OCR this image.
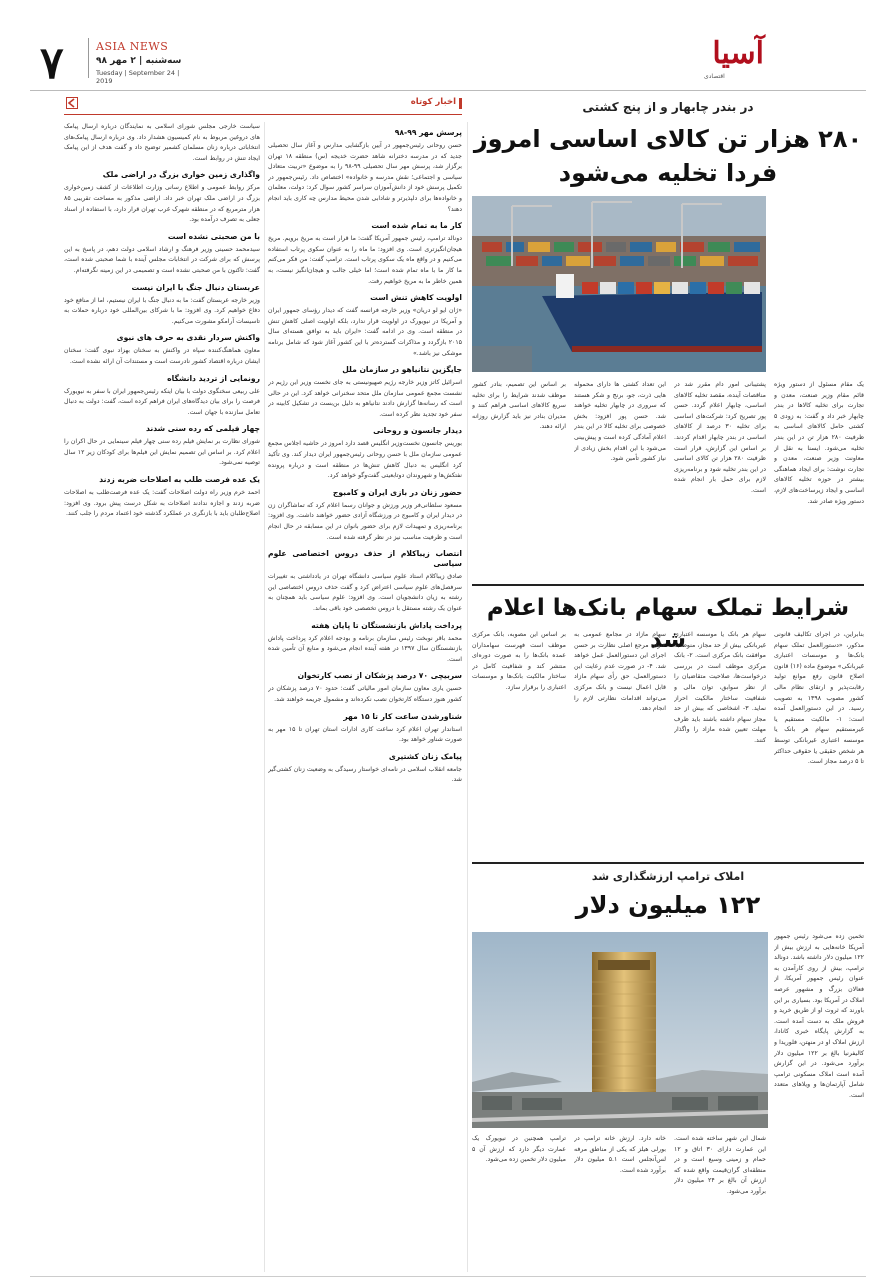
۷	ASIA NEWS
سه‌شنبه | ۲ مهر ۹۸
Tuesday | September 24 | 2019
آسیا
اقتصادی
اخبار کوتاه
پرسش مهر ۹۹-۹۸

حسن روحانی رئیس‌جمهور در آیین بازگشایی مدارس و آغاز سال تحصیلی جدید که در مدرسه دخترانه شاهد حضرت خدیجه (س) منطقه ۱۸ تهران برگزار شد، پرسش مهر سال تحصیلی ۹۹-۹۸ را به موضوع «تربیت متعادل سیاسی و اجتماعی؛ نقش مدرسه و خانواده» اختصاص داد. رئیس‌جمهور در تکمیل پرسش خود از دانش‌آموزان سراسر کشور سوال کرد: دولت، معلمان و خانواده‌ها برای دلپذیرتر و شادابی شدن محیط مدارس چه کاری باید انجام دهند؟

کار ما به تمام شده است

دونالد ترامپ، رئیس جمهور آمریکا گفت: ما قرار است به مریخ برویم. مریخ هیجان‌انگیزتری است. وی افزود: ما ماه را به عنوان سکوی پرتاب استفاده می‌کنیم و در واقع ماه یک سکوی پرتاب است. ترامپ گفت: من فکر می‌کنم ما کار ما با ماه تمام شده است؛ اما خیلی جالب و هیجان‌انگیز نیست، به همین خاطر ما به مریخ خواهیم رفت.

اولویت کاهش تنش است

«ژان ایو لو دریان» وزیر خارجه فرانسه گفت که دیدار رؤسای جمهور ایران و آمریکا در نیویورک در اولویت قرار ندارد، بلکه اولویت اصلی کاهش تنش در منطقه است. وی در ادامه گفت: «ایران باید به توافق هسته‌ای سال ۲۰۱۵ بازگردد و مذاکرات گسترده‌تر با این کشور آغاز شود که شامل برنامه موشکی نیز باشد.»

جایگزین نتانیاهو در سازمان ملل

اسرائیل کاتز وزیر خارجه رژیم صهیونیستی به جای نخست وزیر این رژیم در نشست مجمع عمومی سازمان ملل متحد سخنرانی خواهد کرد. این در حالی است که رسانه‌ها گزارش دادند نتانیاهو به دلیل بن‌بست در تشکیل کابینه در سفر خود تجدید نظر کرده است.

دیدار جانسون و روحانی

بوریس جانسون نخست‌وزیر انگلیس قصد دارد امروز در حاشیه اجلاس مجمع عمومی سازمان ملل با حسن روحانی رئیس‌جمهور ایران دیدار کند. وی تأکید کرد انگلیس به دنبال کاهش تنش‌ها در منطقه است و درباره پرونده نفتکش‌ها و شهروندان دوتابعیتی گفت‌وگو خواهد کرد.

حضور زنان در بازی ایران و کامبوج

مسعود سلطانی‌فر وزیر ورزش و جوانان رسما اعلام کرد که تماشاگران زن در دیدار ایران و کامبوج در ورزشگاه آزادی حضور خواهند داشت. وی افزود: برنامه‌ریزی و تمهیدات لازم برای حضور بانوان در این مسابقه در حال انجام است و ظرفیت مناسب نیز در نظر گرفته شده است.

انتصاب زیباکلام از حذف دروس اختصاصی علوم سیاسی

صادق زیباکلام استاد علوم سیاسی دانشگاه تهران در یادداشتی به تغییرات سرفصل‌های علوم سیاسی اعتراض کرد و گفت حذف دروس اختصاصی این رشته به زیان دانشجویان است. وی افزود: علوم سیاسی باید همچنان به عنوان یک رشته مستقل با دروس تخصصی خود باقی بماند.

پرداخت پاداش بازنشستگان تا پایان هفته

محمد باقر نوبخت رئیس سازمان برنامه و بودجه اعلام کرد پرداخت پاداش بازنشستگان سال ۱۳۹۷ در هفته آینده انجام می‌شود و منابع آن تأمین شده است.

سربیچی ۷۰ درصد پزشکان از نصب کارتخوان

حسین یاری معاون سازمان امور مالیاتی گفت: حدود ۷۰ درصد پزشکان در کشور هنوز دستگاه کارتخوان نصب نکرده‌اند و مشمول جریمه خواهند شد.

شناورشدن ساعت کار تا ۱۵ مهر

استاندار تهران اعلام کرد ساعت کاری ادارات استان تهران تا ۱۵ مهر به صورت شناور خواهد بود.

پیامک زنان کشتیری

جامعه انقلاب اسلامی در نامه‌ای خواستار رسیدگی به وضعیت زنان کشتی‌گیر شد.

سیاست خارجی مجلس شورای اسلامی به نمایندگان درباره ارسال پیامک های دروغین مربوط به نام کمیسیون هشدار داد. وی درباره ارسال پیامک‌های انتخاباتی درباره زنان مسلمان کشمیر توضیح داد و گفت هدف از این پیامک ایجاد تنش در روابط است.

واگذاری زمین خواری بزرگ در اراضی ملک

مرکز روابط عمومی و اطلاع رسانی وزارت اطلاعات از کشف زمین‌خواری بزرگ در اراضی ملک تهران خبر داد. اراضی مذکور به مساحت تقریبی ۸۵ هزار مترمربع که در منطقه شهرک غرب تهران قرار دارد، با استفاده از اسناد جعلی به تصرف درآمده بود.

با من صحبتی نشده است

سیدمحمد حسینی وزیر فرهنگ و ارشاد اسلامی دولت دهم، در پاسخ به این پرسش که برای شرکت در انتخابات مجلس آینده با شما صحبتی شده است، گفت: تاکنون با من صحبتی نشده است و تصمیمی در این زمینه نگرفته‌ام.

عربستان دنبال جنگ با ایران نیست

وزیر خارجه عربستان گفت: ما به دنبال جنگ با ایران نیستیم، اما از منافع خود دفاع خواهیم کرد. وی افزود: ما با شرکای بین‌المللی خود درباره حملات به تاسیسات آرامکو مشورت می‌کنیم.

واکنش سردار نقدی به حرف های نبوی

معاون هماهنگ‌کننده سپاه در واکنش به سخنان بهزاد نبوی گفت: سخنان ایشان درباره اقتصاد کشور نادرست است و مستندات آن ارائه نشده است.

رونمایی از تردید دانشگاه

علی ربیعی سخنگوی دولت با بیان اینکه رئیس‌جمهور ایران با سفر به نیویورک فرصت را برای بیان دیدگاه‌های ایران فراهم کرده است، گفت: دولت به دنبال تعامل سازنده با جهان است.

چهار فیلمی که رده سنی شدند

شورای نظارت بر نمایش فیلم رده سنی چهار فیلم سینمایی در حال اکران را اعلام کرد. بر اساس این تصمیم نمایش این فیلم‌ها برای کودکان زیر ۱۲ سال توصیه نمی‌شود.

یک عده فرصت طلب به اصلاحات ضربه زدند

احمد خرم وزیر راه دولت اصلاحات گفت: یک عده فرصت‌طلب به اصلاحات ضربه زدند و اجازه ندادند اصلاحات به شکل درست پیش برود. وی افزود: اصلاح‌طلبان باید با بازنگری در عملکرد گذشته خود اعتماد مردم را جلب کنند.

در بندر چابهار و از پنج کشتی
۲۸۰ هزار تن کالای اساسی امروز فردا تخلیه می‌شود
یک مقام مسئول از دستور ویژه قائم مقام وزیر صنعت، معدن و تجارت برای تخلیه کالاها در بندر چابهار خبر داد و گفت: به زودی ۵ کشتی حامل کالاهای اساسی به ظرفیت ۲۸۰ هزار تن در این بندر تخلیه می‌شود. ایسنا به نقل از معاونت وزیر صنعت، معدن و تجارت نوشت: برای ایجاد هماهنگی بیشتر در حوزه تخلیه کالاهای اساسی و ایجاد زیرساخت‌های لازم، دستور ویژه صادر شد.
پشتیبانی امور دام مقرر شد در مناقصات آینده، مقصد تخلیه کالاهای اساسی، چابهار اعلام گردد. حسن پور تصریح کرد: شرکت‌های اساسی برای تخلیه ۳۰ درصد از کالاهای اساسی در بندر چابهار اقدام کردند. بر اساس این گزارش، قرار است ظرفیت ۲۸۰ هزار تن کالای اساسی در این بندر تخلیه شود و برنامه‌ریزی لازم برای حمل بار انجام شده است.
این تعداد کشتی ها دارای محموله هایی ذرت، جو، برنج و شکر هستند که سروری در چابهار تخلیه خواهند شد. حسن پور افزود: بخش خصوصی برای تخلیه کالا در این بندر اعلام آمادگی کرده است و پیش‌بینی می‌شود با این اقدام بخش زیادی از نیاز کشور تأمین شود.
بر اساس این تصمیم، بنادر کشور موظف شدند شرایط را برای تخلیه سریع کالاهای اساسی فراهم کنند و مدیران بنادر نیز باید گزارش روزانه ارائه دهند.
شرایط تملک سهام بانک‌ها اعلام شد	بنابراین، در اجرای تکالیف قانونی مذکور، «دستورالعمل تملک سهام بانک‌ها و موسسات اعتباری غیربانکی» موضوع ماده (۱۶) قانون اصلاح قانون رفع موانع تولید رقابت‌پذیر و ارتقای نظام مالی کشور مصوب ۱۳۹۸ به تصویب رسید. در این دستورالعمل آمده است: ۱- مالکیت مستقیم یا غیرمستقیم سهام هر بانک یا موسسه اعتباری غیربانکی توسط هر شخص حقیقی یا حقوقی حداکثر تا ۵ درصد مجاز است.
سهام هر بانک یا موسسه اعتباری غیربانکی بیش از حد مجاز، منوط به موافقت بانک مرکزی است. ۲- بانک مرکزی موظف است در بررسی درخواست‌ها، صلاحیت متقاضیان را از نظر سوابق، توان مالی و شفافیت ساختار مالکیت احراز نماید. ۳- اشخاصی که بیش از حد مجاز سهام داشته باشند باید ظرف مهلت تعیین شده مازاد را واگذار کنند.
سهام مازاد در مجامع عمومی به عنوان مرجع اصلی نظارت بر حسن اجرای این دستورالعمل عمل خواهد شد. ۴- در صورت عدم رعایت این دستورالعمل، حق رأی سهام مازاد قابل اعمال نیست و بانک مرکزی می‌تواند اقدامات نظارتی لازم را انجام دهد.
بر اساس این مصوبه، بانک مرکزی موظف است فهرست سهامداران عمده بانک‌ها را به صورت دوره‌ای منتشر کند و شفافیت کامل در ساختار مالکیت بانک‌ها و موسسات اعتباری را برقرار سازد.
املاک ترامپ ارزشگذاری شد
۱۲۲ میلیون دلار
تخمین زده می‌شود رئیس جمهور آمریکا خانه‌هایی به ارزش بیش از ۱۲۲ میلیون دلار داشته باشد. دونالد ترامپ، بیش از روی کارآمدن به عنوان رئیس جمهور آمریکا، از فعالان بزرگ و مشهور عرصه املاک در آمریکا بود. بسیاری بر این باورند که ثروت او از طریق خرید و فروش ملک به دست آمده است. به گزارش پایگاه خبری کانادا، ارزش املاک او در منهتن، فلوریدا و کالیفرنیا بالغ بر ۱۲۲ میلیون دلار برآورد می‌شود. در این گزارش آمده است املاک مسکونی ترامپ شامل آپارتمان‌ها و ویلاهای متعدد است.
شمال این شهر ساخته شده است. این عمارت دارای ۳۰ اتاق و ۱۲ حمام و زمینی وسیع است و در منطقه‌ای گران‌قیمت واقع شده که ارزش آن بالغ بر ۲۴ میلیون دلار برآورد می‌شود.
خانه دارد. ارزش خانه ترامپ در بورلی هیلز که یکی از مناطق مرفه لس‌آنجلس است ۵.۱ میلیون دلار برآورد شده است.
ترامپ همچنین در نیویورک یک عمارت دیگر دارد که ارزش آن ۵ میلیون دلار تخمین زده می‌شود.
